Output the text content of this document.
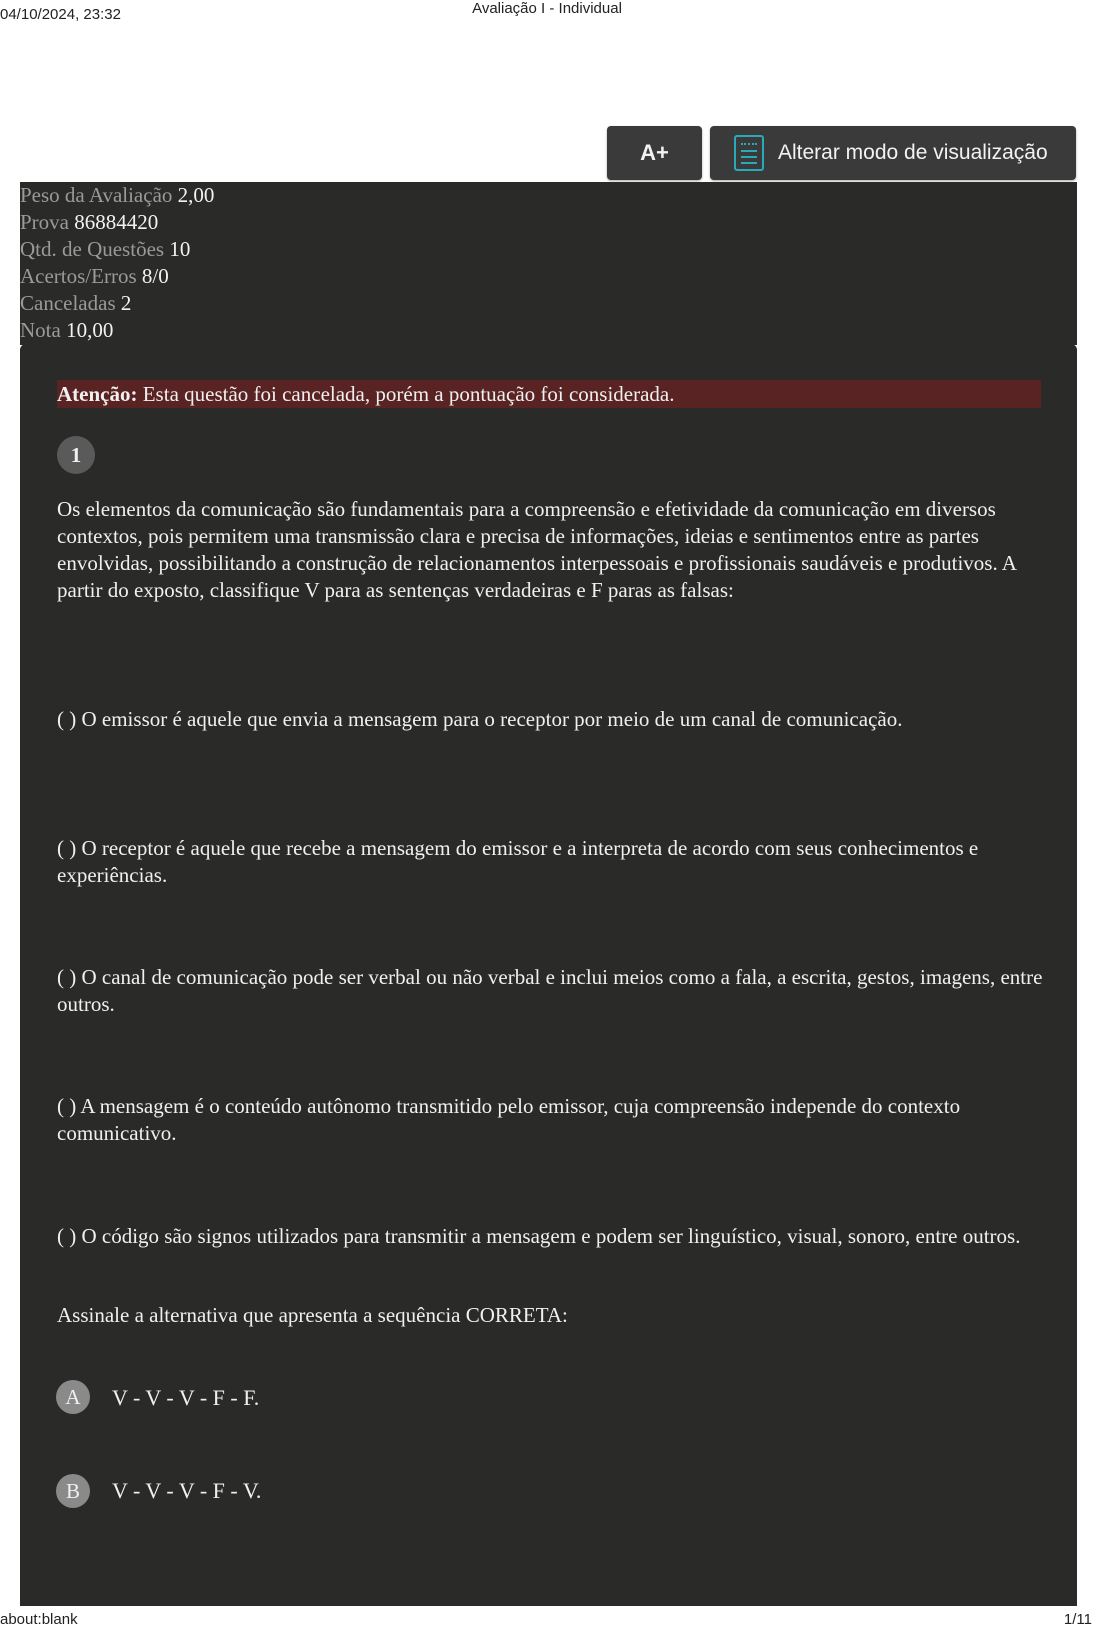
04/10/2024, 23:32	Avaliação I - Individual
A+	Alterar modo de visualização
Peso da Avaliação 2,00
Prova 86884420
Qtd. de Questões 10
Acertos/Erros 8/0
Canceladas 2
Nota 10,00
Atenção: Esta questão foi cancelada, porém a pontuação foi considerada.
1
Os elementos da comunicação são fundamentais para a compreensão e efetividade da comunicação em diversos contextos, pois permitem uma transmissão clara e precisa de informações, ideias e sentimentos entre as partes envolvidas, possibilitando a construção de relacionamentos interpessoais e profissionais saudáveis e produtivos. A partir do exposto, classifique V para as sentenças verdadeiras e F paras as falsas:
( ) O emissor é aquele que envia a mensagem para o receptor por meio de um canal de comunicação.
( ) O receptor é aquele que recebe a mensagem do emissor e a interpreta de acordo com seus conhecimentos e experiências.
( ) O canal de comunicação pode ser verbal ou não verbal e inclui meios como a fala, a escrita, gestos, imagens, entre outros.
( ) A mensagem é o conteúdo autônomo transmitido pelo emissor, cuja compreensão independe do contexto comunicativo.
( ) O código são signos utilizados para transmitir a mensagem e podem ser linguístico, visual, sonoro, entre outros.
Assinale a alternativa que apresenta a sequência CORRETA:
A	V - V - V - F - F.
B	V - V - V - F - V.
about:blank	1/11
